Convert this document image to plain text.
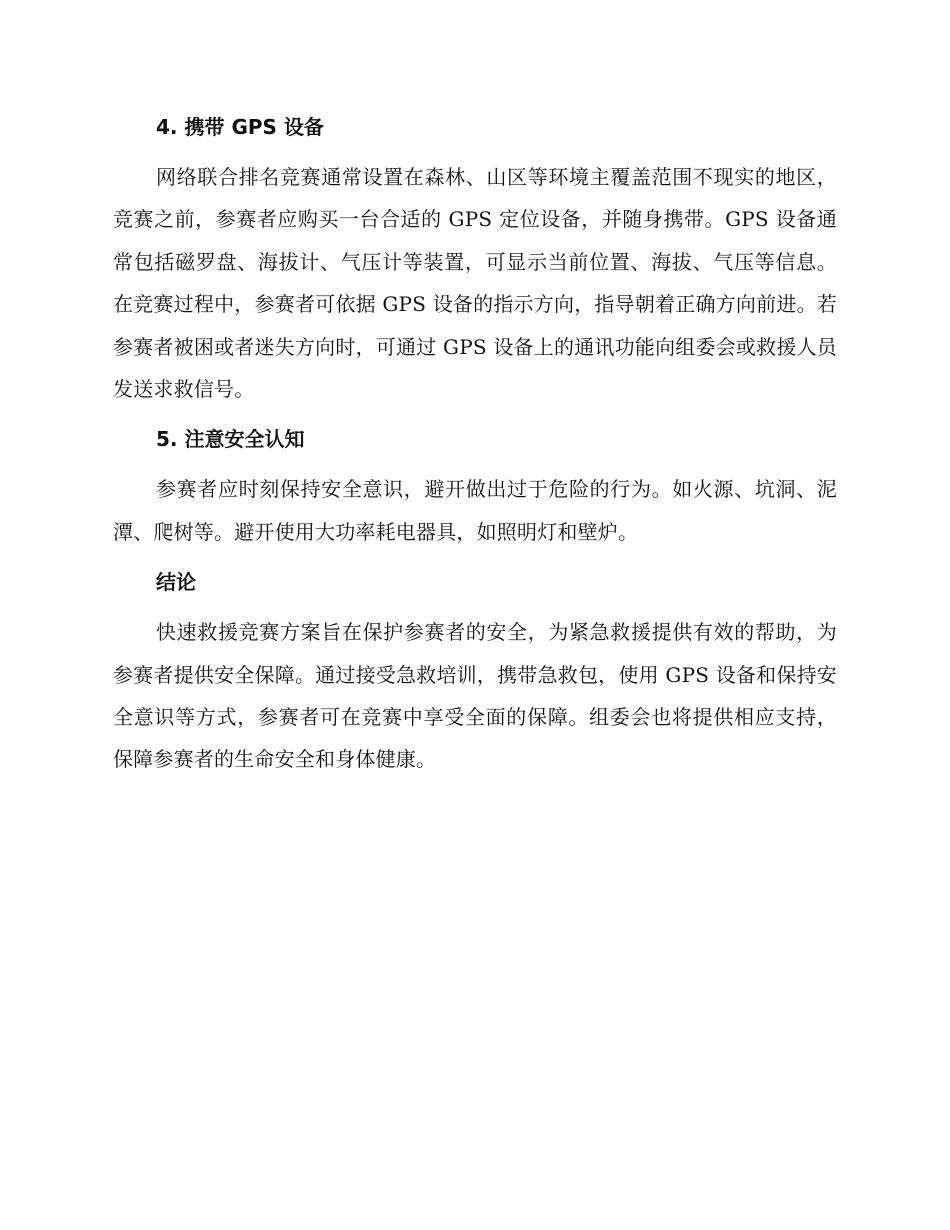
4. 携带 GPS 设备

网络联合排名竞赛通常设置在森林、山区等环境主覆盖范围不现实的地区，竞赛之前，参赛者应购买一台合适的 GPS 定位设备，并随身携带。GPS 设备通常包括磁罗盘、海拔计、气压计等装置，可显示当前位置、海拔、气压等信息。在竞赛过程中，参赛者可依据 GPS 设备的指示方向，指导朝着正确方向前进。若参赛者被困或者迷失方向时，可通过 GPS 设备上的通讯功能向组委会或救援人员发送求救信号。

5. 注意安全认知

参赛者应时刻保持安全意识，避开做出过于危险的行为。如火源、坑洞、泥潭、爬树等。避开使用大功率耗电器具，如照明灯和壁炉。

结论

快速救援竞赛方案旨在保护参赛者的安全，为紧急救援提供有效的帮助，为参赛者提供安全保障。通过接受急救培训，携带急救包，使用 GPS 设备和保持安全意识等方式，参赛者可在竞赛中享受全面的保障。组委会也将提供相应支持，保障参赛者的生命安全和身体健康。
